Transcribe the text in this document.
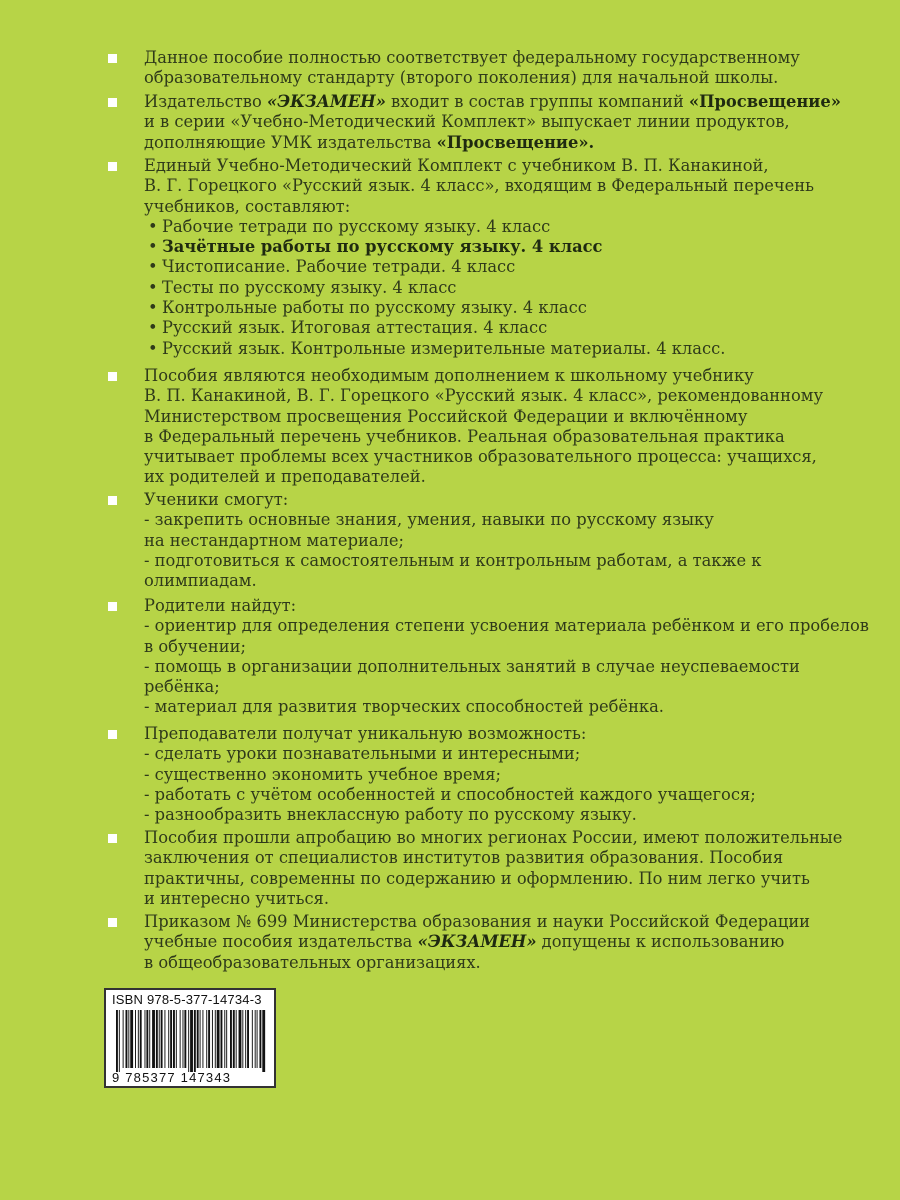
Данное пособие полностью соответствует федеральному государственному
образовательному стандарту (второго поколения) для начальной школы.
Издательство «ЭКЗАМЕН» входит в состав группы компаний «Просвещение»
и в серии «Учебно-Методический Комплект» выпускает линии продуктов,
дополняющие УМК издательства «Просвещение».
Единый Учебно-Методический Комплект с учебником В. П. Канакиной,
В. Г. Горецкого «Русский язык. 4 класс», входящим в Федеральный перечень
учебников, составляют:
• Рабочие тетради по русскому языку. 4 класс
• Зачётные работы по русскому языку. 4 класс
• Чистописание. Рабочие тетради. 4 класс
• Тесты по русскому языку. 4 класс
• Контрольные работы по русскому языку. 4 класс
• Русский язык. Итоговая аттестация. 4 класс
• Русский язык. Контрольные измерительные материалы. 4 класс.
Пособия являются необходимым дополнением к школьному учебнику
В. П. Канакиной, В. Г. Горецкого «Русский язык. 4 класс», рекомендованному
Министерством просвещения Российской Федерации и включённому
в Федеральный перечень учебников. Реальная образовательная практика
учитывает проблемы всех участников образовательного процесса: учащихся,
их родителей и преподавателей.
Ученики смогут:
- закрепить основные знания, умения, навыки по русскому языку
на нестандартном материале;
- подготовиться к самостоятельным и контрольным работам, а также к
олимпиадам.
Родители найдут:
- ориентир для определения степени усвоения материала ребёнком и его пробелов
в обучении;
- помощь в организации дополнительных занятий в случае неуспеваемости
ребёнка;
- материал для развития творческих способностей ребёнка.
Преподаватели получат уникальную возможность:
- сделать уроки познавательными и интересными;
- существенно экономить учебное время;
- работать с учётом особенностей и способностей каждого учащегося;
- разнообразить внеклассную работу по русскому языку.
Пособия прошли апробацию во многих регионах России, имеют положительные
заключения от специалистов институтов развития образования. Пособия
практичны, современны по содержанию и оформлению. По ним легко учить
и интересно учиться.
Приказом № 699 Министерства образования и науки Российской Федерации
учебные пособия издательства «ЭКЗАМЕН» допущены к использованию
в общеобразовательных организациях.
ISBN 978-5-377-14734-3
9 785377 147343
